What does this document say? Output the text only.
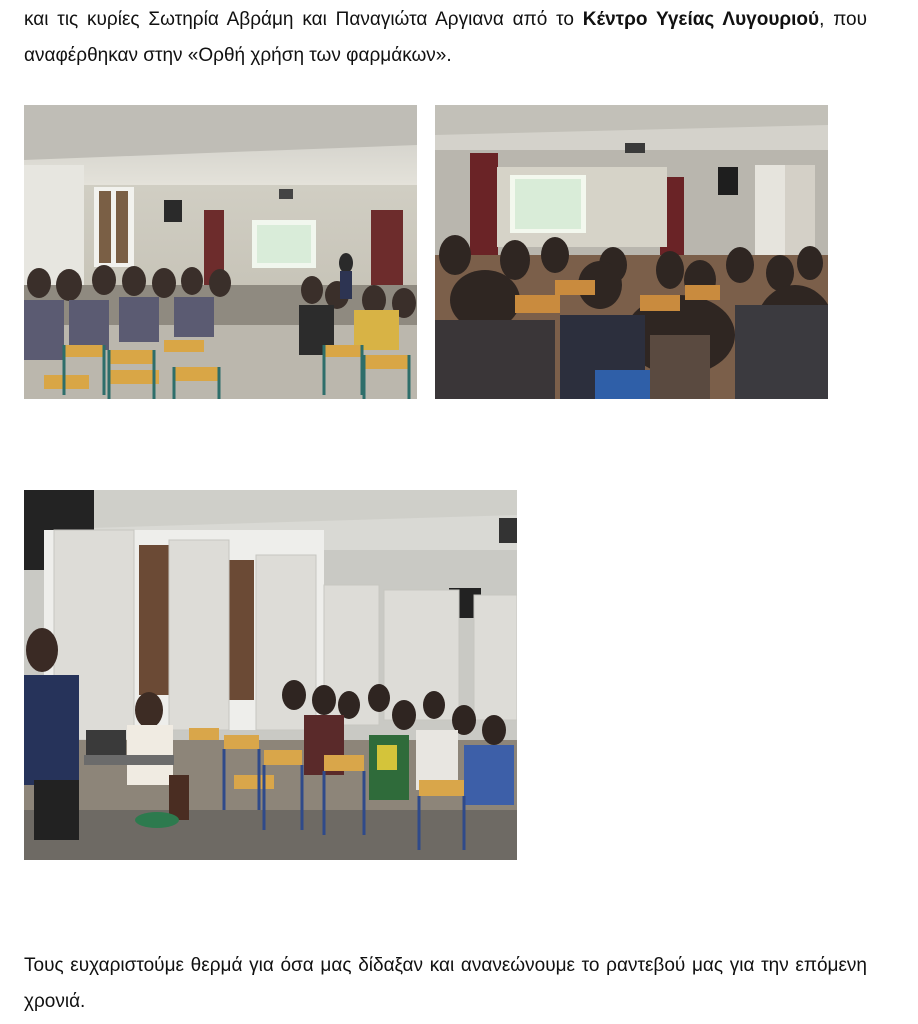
και τις κυρίες Σωτηρία Αβράμη και Παναγιώτα Αργιανα από το Κέντρο Υγείας Λυγουριού, που αναφέρθηκαν στην «Ορθή χρήση των φαρμάκων».

Τους ευχαριστούμε θερμά για όσα μας δίδαξαν και ανανεώνουμε το ραντεβού μας για την επόμενη χρονιά.
